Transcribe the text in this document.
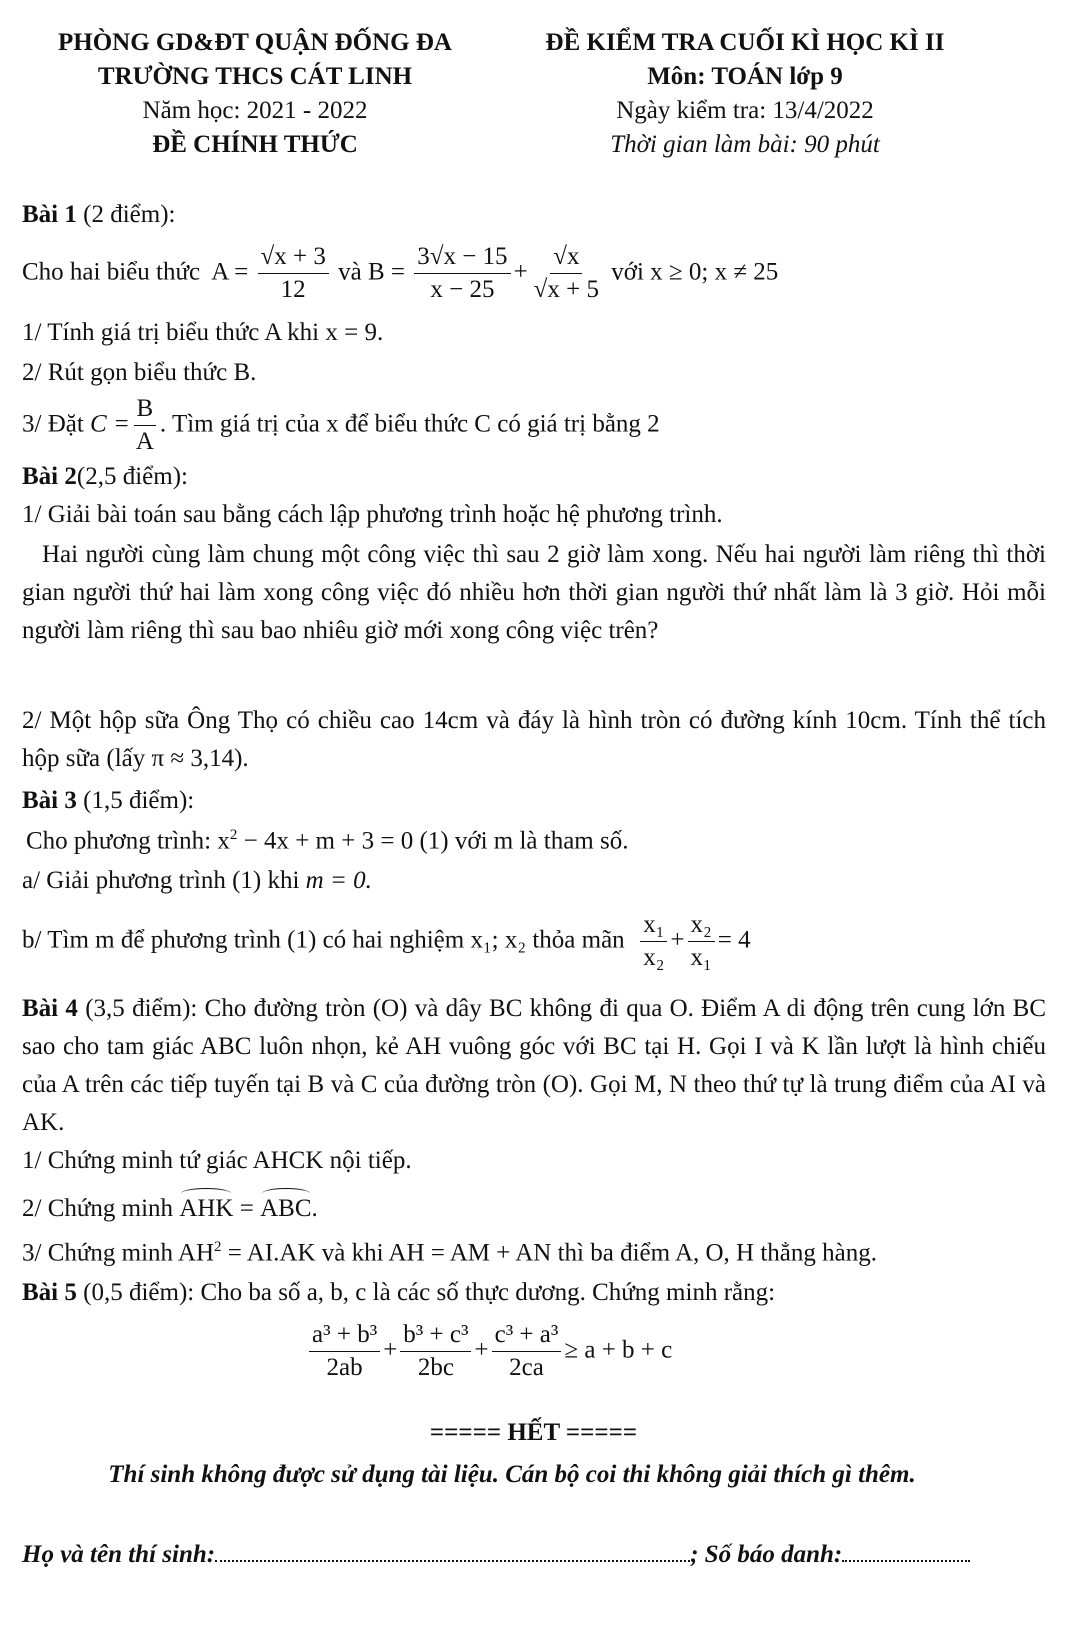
PHÒNG GD&ĐT QUẬN ĐỐNG ĐA
TRƯỜNG THCS CÁT LINH
Năm học: 2021 - 2022
ĐỀ CHÍNH THỨC
ĐỀ KIỂM TRA CUỐI KÌ HỌC KÌ II
Môn: TOÁN lớp 9
Ngày kiểm tra: 13/4/2022
Thời gian làm bài: 90 phút
Bài 1 (2 điểm):
Cho hai biểu thức $A = \frac{√x + 3}{12}$ và $B = \frac{3√x - 15}{x - 25} + \frac{√x}{√x + 5}$ với x ≥ 0; x ≠ 25
1/ Tính giá trị biểu thức A khi x = 9.
2/ Rút gọn biểu thức B.
3/ Đặt $C = \frac{B}{A}$ . Tìm giá trị của x để biểu thức C có giá trị bằng 2
Bài 2(2,5 điểm):
1/ Giải bài toán sau bằng cách lập phương trình hoặc hệ phương trình.
Hai người cùng làm chung một công việc thì sau 2 giờ làm xong. Nếu hai người làm riêng thì thời gian người thứ hai làm xong công việc đó nhiều hơn thời gian người thứ nhất làm là 3 giờ. Hỏi mỗi người làm riêng thì sau bao nhiêu giờ mới xong công việc trên?
2/ Một hộp sữa Ông Thọ có chiều cao 14cm và đáy là hình tròn có đường kính 10cm. Tính thể tích hộp sữa (lấy π ≈ 3,14).
Bài 3 (1,5 điểm):
Cho phương trình: $x^2 - 4x + m + 3 = 0$ (1) với m là tham số.
a/ Giải phương trình (1) khi m = 0.
b/ Tìm m để phương trình (1) có hai nghiệm x₁; x₂ thỏa mãn $\frac{\text{x₁}}{\text{x₂}} + \frac{\text{x₂}}{\text{x₁}} = 4$
Bài 4 (3,5 điểm): Cho đường tròn (O) và dây BC không đi qua O. Điểm A di động trên cung lớn BC sao cho tam giác ABC luôn nhọn, kẻ AH vuông góc với BC tại H. Gọi I và K lần lượt là hình chiếu của A trên các tiếp tuyến tại B và C của đường tròn (O). Gọi M, N theo thứ tự là trung điểm của AI và AK.
1/ Chứng minh tứ giác AHCK nội tiếp.
2/ Chứng minh AHK = ABC.
3/ Chứng minh $AH^2 = AI.AK$ và khi AH = AM + AN thì ba điểm A, O, H thẳng hàng.
Bài 5 (0,5 điểm): Cho ba số a, b, c là các số thực dương. Chứng minh rằng:
$\frac{\text{a³ + b³}}{2ab} + \frac{\text{b³ + c³}}{2bc} + \frac{\text{c³ + a³}}{2ca} \ge a + b + c$
===== HẾT =====
Thí sinh không được sử dụng tài liệu. Cán bộ coi thi không giải thích gì thêm.
Họ và tên thí sinh:	; Số báo danh:
